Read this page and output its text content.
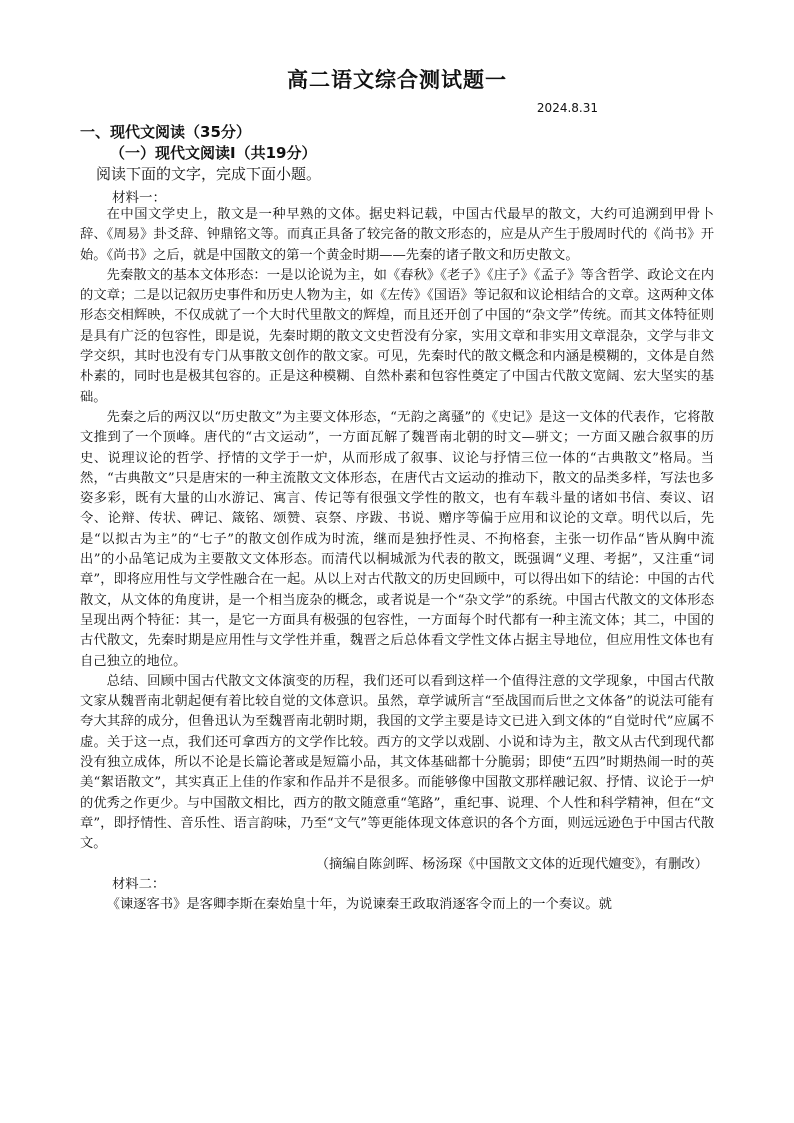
高二语文综合测试题一
2024.8.31
一、现代文阅读（35分）
（一）现代文阅读Ⅰ（共19分）
阅读下面的文字，完成下面小题。
材料一：

在中国文学史上，散文是一种早熟的文体。据史料记载，中国古代最早的散文，大约可追溯到甲骨卜辞、《周易》卦爻辞、钟鼎铭文等。而真正具备了较完备的散文形态的，应是从产生于殷周时代的《尚书》开始。《尚书》之后，就是中国散文的第一个黄金时期——先秦的诸子散文和历史散文。

先秦散文的基本文体形态：一是以论说为主，如《春秋》《老子》《庄子》《孟子》等含哲学、政论文在内的文章；二是以记叙历史事件和历史人物为主，如《左传》《国语》等记叙和议论相结合的文章。这两种文体形态交相辉映，不仅成就了一个大时代里散文的辉煌，而且还开创了中国的“杂文学”传统。而其文体特征则是具有广泛的包容性，即是说，先秦时期的散文文史哲没有分家，实用文章和非实用文章混杂，文学与非文学交织，其时也没有专门从事散文创作的散文家。可见，先秦时代的散文概念和内涵是模糊的，文体是自然朴素的，同时也是极其包容的。正是这种模糊、自然朴素和包容性奠定了中国古代散文宽阔、宏大坚实的基础。

先秦之后的两汉以“历史散文”为主要文体形态，“无韵之离骚”的《史记》是这一文体的代表作，它将散文推到了一个顶峰。唐代的“古文运动”，一方面瓦解了魏晋南北朝的时文—骈文；一方面又融合叙事的历史、说理议论的哲学、抒情的文学于一炉，从而形成了叙事、议论与抒情三位一体的“古典散文”格局。当然，“古典散文”只是唐宋的一种主流散文文体形态，在唐代古文运动的推动下，散文的品类多样，写法也多姿多彩，既有大量的山水游记、寓言、传记等有很强文学性的散文，也有车载斗量的诸如书信、奏议、诏令、论辩、传状、碑记、箴铭、颂赞、哀祭、序跋、书说、赠序等偏于应用和议论的文章。明代以后，先是“以拟古为主”的“七子”的散文创作成为时流，继而是独抒性灵、不拘格套，主张一切作品“皆从胸中流出”的小品笔记成为主要散文文体形态。而清代以桐城派为代表的散文，既强调“义理、考据”，又注重“词章”，即将应用性与文学性融合在一起。从以上对古代散文的历史回顾中，可以得出如下的结论：中国的古代散文，从文体的角度讲，是一个相当庞杂的概念，或者说是一个“杂文学”的系统。中国古代散文的文体形态呈现出两个特征：其一，是它一方面具有极强的包容性，一方面每个时代都有一种主流文体；其二，中国的古代散文，先秦时期是应用性与文学性并重，魏晋之后总体看文学性文体占据主导地位，但应用性文体也有自己独立的地位。

总结、回顾中国古代散文文体演变的历程，我们还可以看到这样一个值得注意的文学现象，中国古代散文家从魏晋南北朝起便有着比较自觉的文体意识。虽然，章学诚所言“至战国而后世之文体备”的说法可能有夸大其辞的成分，但鲁迅认为至魏晋南北朝时期，我国的文学主要是诗文已进入到文体的“自觉时代”应属不虚。关于这一点，我们还可拿西方的文学作比较。西方的文学以戏剧、小说和诗为主，散文从古代到现代都没有独立成体，所以不论是长篇论著或是短篇小品，其文体基础都十分脆弱；即使“五四”时期热闹一时的英美“絮语散文”，其实真正上佳的作家和作品并不是很多。而能够像中国散文那样融记叙、抒情、议论于一炉的优秀之作更少。与中国散文相比，西方的散文随意重“笔路”，重纪事、说理、个人性和科学精神，但在“文章”，即抒情性、音乐性、语言韵味，乃至“文气”等更能体现文体意识的各个方面，则远远逊色于中国古代散文。

（摘编自陈剑晖、杨汤琛《中国散文文体的近现代嬗变》，有删改）

材料二：

《谏逐客书》是客卿李斯在秦始皇十年，为说谏秦王政取消逐客令而上的一个奏议。就
